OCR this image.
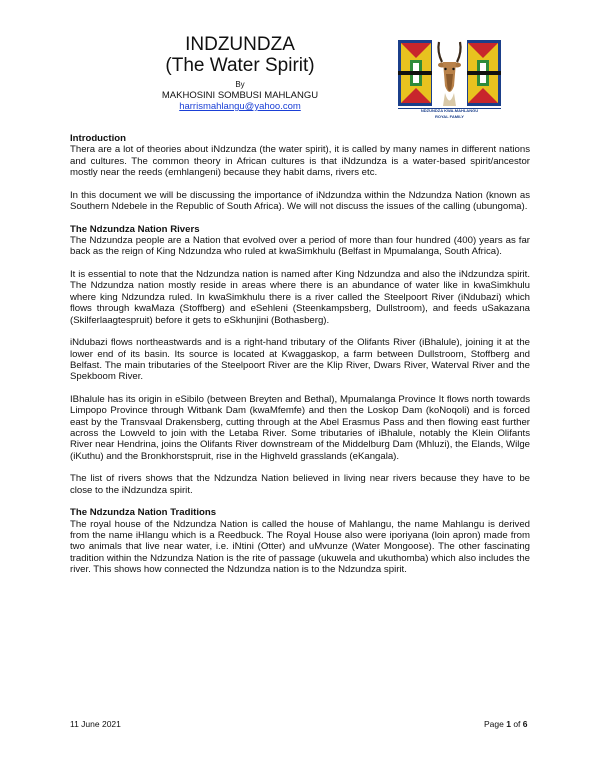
INDZUNDZA
(The Water Spirit)
By
MAKHOSINI SOMBUSI MAHLANGU
harrismahlangu@yahoo.com	NDZUNDZA KWA-MAHLANGU
ROYAL FAMILY
Introduction

Thera are a lot of theories about iNdzundza (the water spirit), it is called by many names in different nations and cultures. The common theory in African cultures is that iNdzundza is a water-based spirit/ancestor mostly near the reeds (emhlangeni) because they habit dams, rivers etc.

In this document we will be discussing the importance of iNdzundza within the Ndzundza Nation (known as Southern Ndebele in the Republic of South Africa). We will not discuss the issues of the calling (ubungoma).

The Ndzundza Nation Rivers

The Ndzundza people are a Nation that evolved over a period of more than four hundred (400) years as far back as the reign of King Ndzundza who ruled at kwaSimkhulu (Belfast in Mpumalanga, South Africa).

It is essential to note that the Ndzundza nation is named after King Ndzundza and also the iNdzundza spirit. The Ndzundza nation mostly reside in areas where there is an abundance of water like in kwaSimkhulu where king Ndzundza ruled. In kwaSimkhulu there is a river called the Steelpoort River (iNdubazi) which flows through kwaMaza (Stoffberg) and eSehleni (Steenkampsberg, Dullstroom), and feeds uSakazana (Skilferlaagtespruit) before it gets to eSkhunjini (Bothasberg).

iNdubazi flows northeastwards and is a right-hand tributary of the Olifants River (iBhalule), joining it at the lower end of its basin. Its source is located at Kwaggaskop, a farm between Dullstroom, Stoffberg and Belfast. The main tributaries of the Steelpoort River are the Klip River, Dwars River, Waterval River and the Spekboom River.

IBhalule has its origin in eSibilo (between Breyten and Bethal), Mpumalanga Province It flows north towards Limpopo Province through Witbank Dam (kwaMfemfe) and then the Loskop Dam (koNoqoli) and is forced east by the Transvaal Drakensberg, cutting through at the Abel Erasmus Pass and then flowing east further across the Lowveld to join with the Letaba River. Some tributaries of iBhalule, notably the Klein Olifants River near Hendrina, joins the Olifants River downstream of the Middelburg Dam (Mhluzi), the Elands, Wilge (iKuthu) and the Bronkhorstspruit, rise in the Highveld grasslands (eKangala).

The list of rivers shows that the Ndzundza Nation believed in living near rivers because they have to be close to the iNdzundza spirit.

The Ndzundza Nation Traditions

The royal house of the Ndzundza Nation is called the house of Mahlangu, the name Mahlangu is derived from the name iHlangu which is a Reedbuck. The Royal House also were iporiyana (loin apron) made from two animals that live near water, i.e. iNtini (Otter) and uMvunze (Water Mongoose). The other fascinating tradition within the Ndzundza Nation is the rite of passage (ukuwela and ukuthomba) which also includes the river. This shows how connected the Ndzundza nation is to the Ndzundza spirit.

11 June 2021	Page 1 of 6
